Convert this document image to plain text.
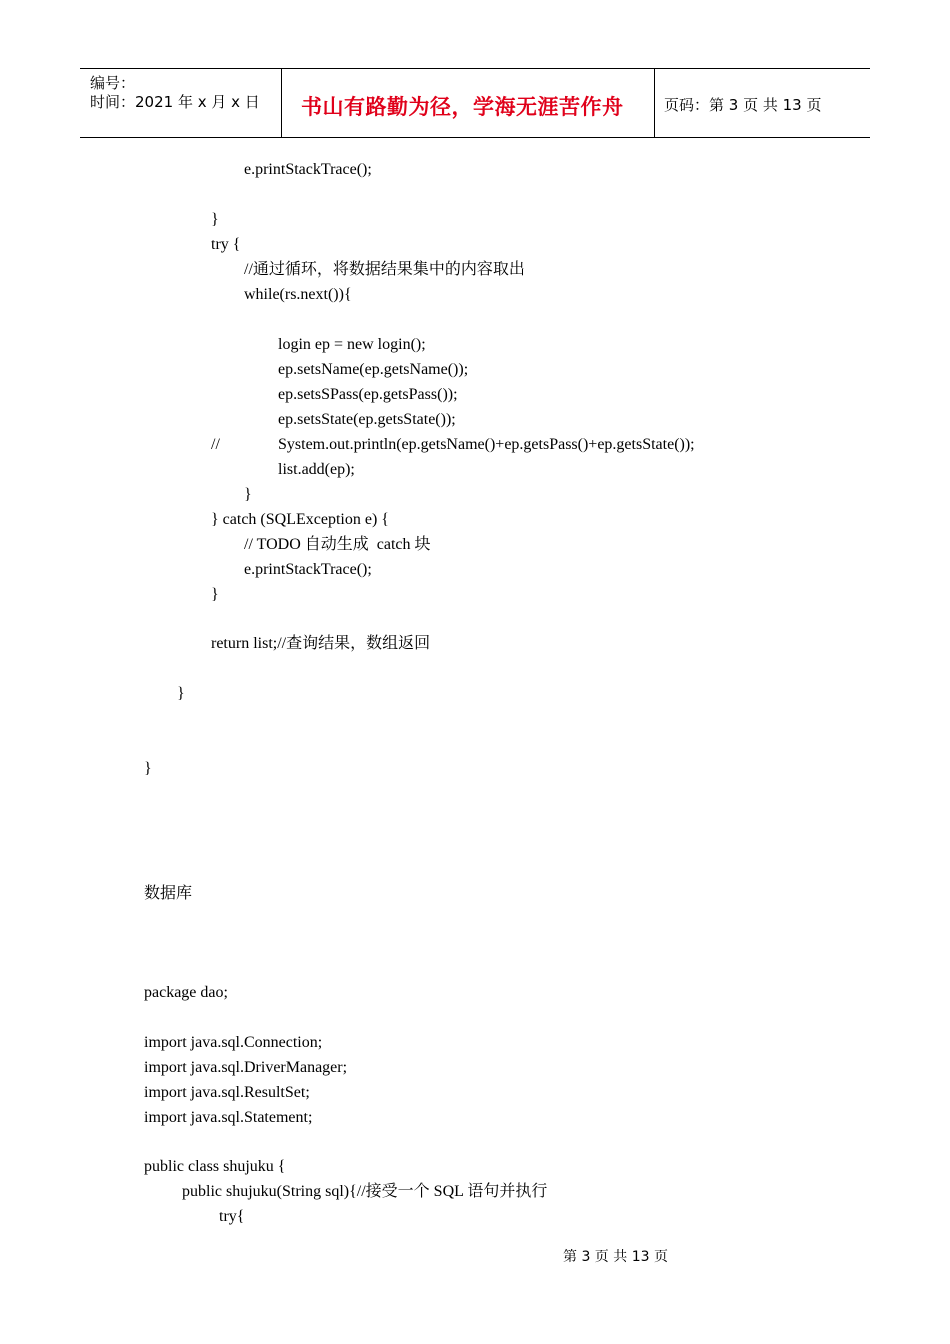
编号：
时间：2021 年 x 月 x 日 书山有路勤为径，学海无涯苦作舟	页码：第 3 页 共 13 页
e.printStackTrace();
}
try {
//通过循环，将数据结果集中的内容取出
while(rs.next()){
login ep = new login();
ep.setsName(ep.getsName());
ep.setsSPass(ep.getsPass());
ep.setsState(ep.getsState());
//	System.out.println(ep.getsName()+ep.getsPass()+ep.getsState());
list.add(ep);
}
} catch (SQLException e) {
// TODO 自动生成  catch 块
e.printStackTrace();
}
return list;//查询结果，数组返回
}
}
数据库
package dao;
import java.sql.Connection;
import java.sql.DriverManager;
import java.sql.ResultSet;
import java.sql.Statement;
public class shujuku {
public shujuku(String sql){//接受一个 SQL 语句并执行
try{
第 3 页 共 13 页
